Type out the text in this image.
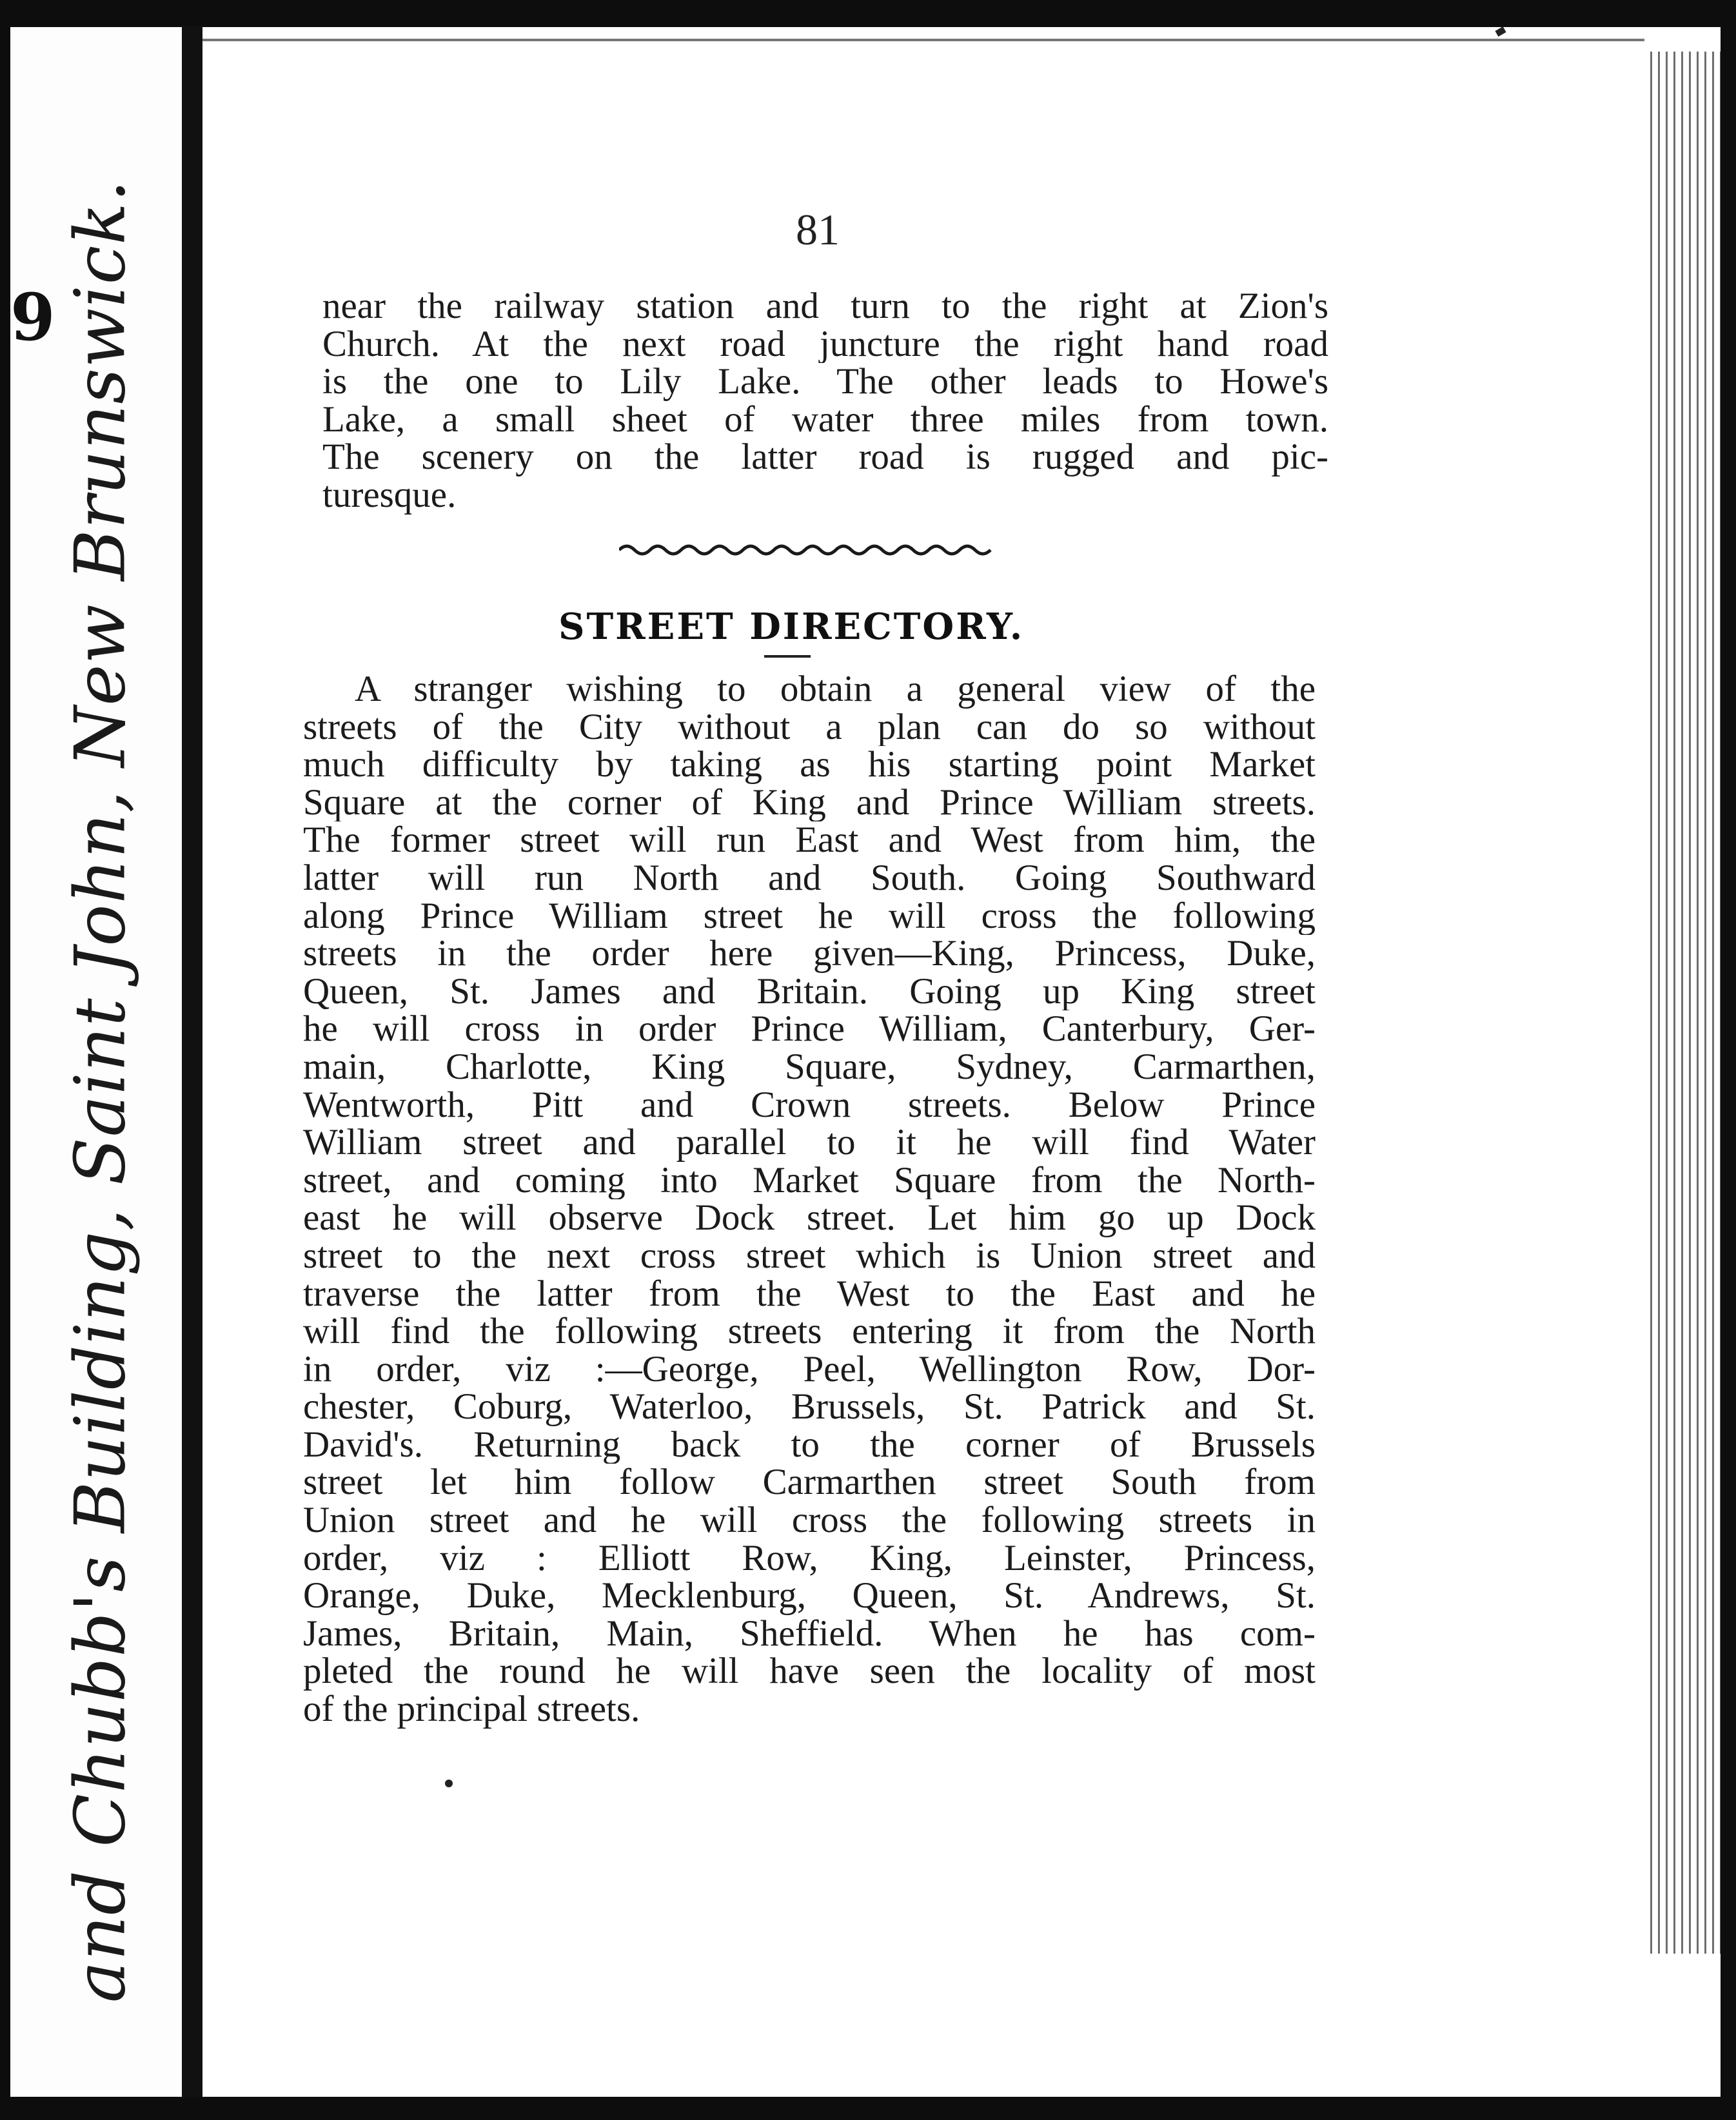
9 and Chubb's Building, Saint John, New Brunswick.	81
near the railway station and turn to the right at Zion's
Church. At the next road juncture the right hand road
is the one to Lily Lake. The other leads to Howe's
Lake, a small sheet of water three miles from town.
The scenery on the latter road is rugged and pic-
turesque.
STREET DIRECTORY.
A stranger wishing to obtain a general view of the
streets of the City without a plan can do so without
much difficulty by taking as his starting point Market
Square at the corner of King and Prince William streets.
The former street will run East and West from him, the
latter will run North and South. Going Southward
along Prince William street he will cross the following
streets in the order here given—King, Princess, Duke,
Queen, St. James and Britain. Going up King street
he will cross in order Prince William, Canterbury, Ger-
main, Charlotte, King Square, Sydney, Carmarthen,
Wentworth, Pitt and Crown streets. Below Prince
William street and parallel to it he will find Water
street, and coming into Market Square from the North-
east he will observe Dock street. Let him go up Dock
street to the next cross street which is Union street and
traverse the latter from the West to the East and he
will find the following streets entering it from the North
in order, viz :—George, Peel, Wellington Row, Dor-
chester, Coburg, Waterloo, Brussels, St. Patrick and St.
David's. Returning back to the corner of Brussels
street let him follow Carmarthen street South from
Union street and he will cross the following streets in
order, viz : Elliott Row, King, Leinster, Princess,
Orange, Duke, Mecklenburg, Queen, St. Andrews, St.
James, Britain, Main, Sheffield. When he has com-
pleted the round he will have seen the locality of most
of the principal streets.
